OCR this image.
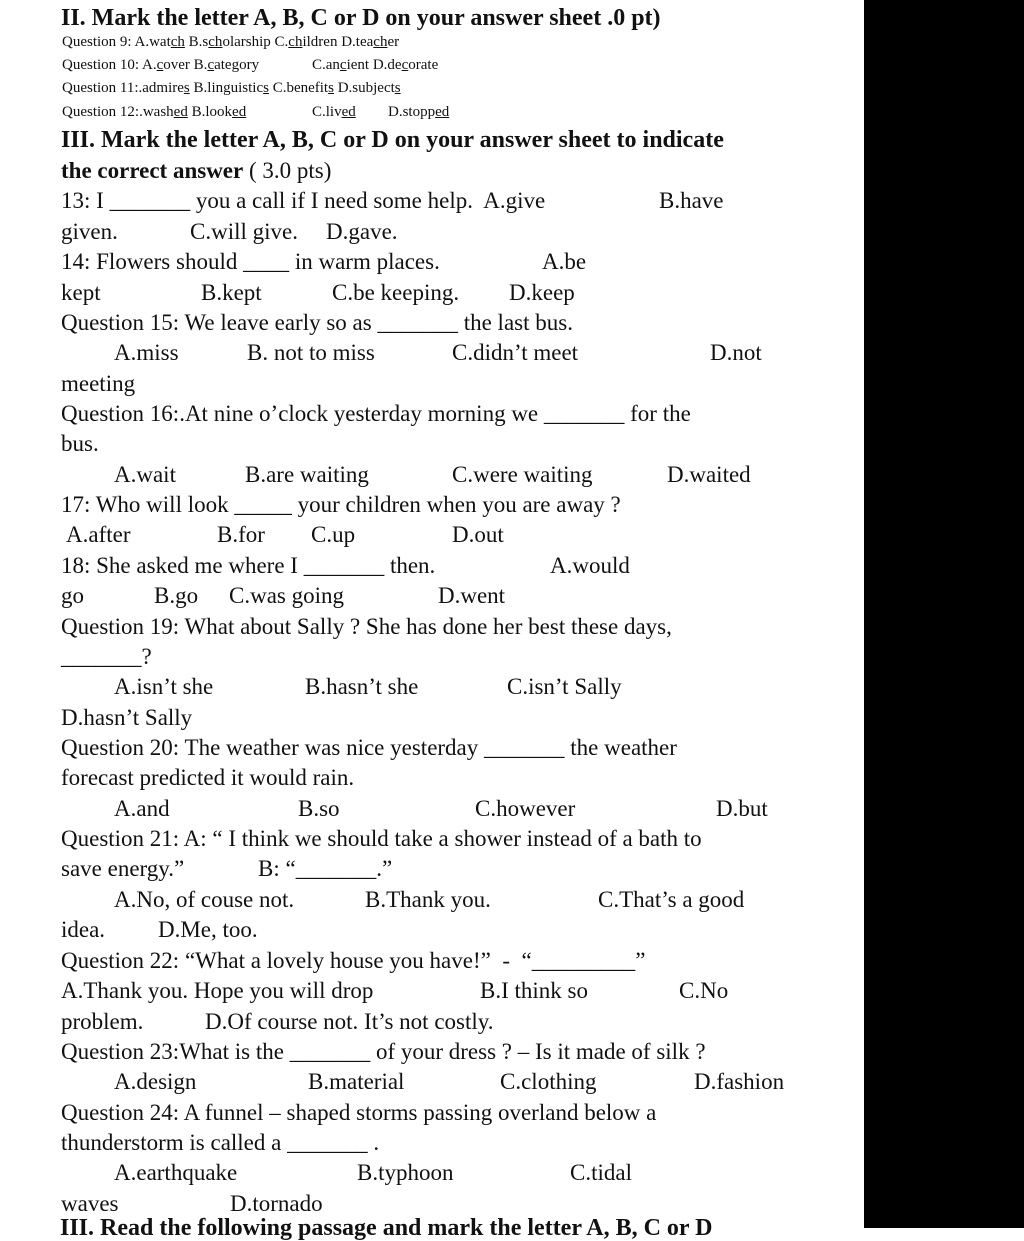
II. Mark the letter A, B, C or D on your answer sheet .0 pt)
Question 9: A.watch B.scholarship C.children D.teacher
Question 10: A.cover B.category	C.ancient D.decorate
Question 11:.admires B.linguistics C.benefits D.subjects
Question 12:.washed B.looked	C.lived D.stopped
III. Mark the letter A, B, C or D on your answer sheet to indicate
the correct answer ( 3.0 pts)
13: I _______ you a call if I need some help.  A.give	B.have
given.	C.will give. D.gave.
14: Flowers should ____ in warm places.	A.be
kept	B.kept	C.be keeping. D.keep
Question 15: We leave early so as _______ the last bus.
A.miss	B. not to miss	C.didn’t meet	D.not
meeting
Question 16:.At nine o’clock yesterday morning we _______ for the
bus.
A.wait	B.are waiting	C.were waiting	D.waited
17: Who will look _____ your children when you are away ?
A.after	B.for C.up	D.out
18: She asked me where I _______ then.	A.would
go	B.go C.was going	D.went
Question 19: What about Sally ? She has done her best these days,
_______?
A.isn’t she	B.hasn’t she	C.isn’t Sally
D.hasn’t Sally
Question 20: The weather was nice yesterday _______ the weather
forecast predicted it would rain.
A.and	B.so	C.however	D.but
Question 21: A: “ I think we should take a shower instead of a bath to
save energy.”	B: “_______.”
A.No, of couse not.	B.Thank you.	C.That’s a good
idea. D.Me, too.
Question 22: “What a lovely house you have!”  -  “_________”
A.Thank you. Hope you will drop	B.I think so	C.No
problem.	D.Of course not. It’s not costly.
Question 23:What is the _______ of your dress ? – Is it made of silk ?
A.design	B.material	C.clothing	D.fashion
Question 24: A funnel – shaped storms passing overland below a
thunderstorm is called a _______ .
A.earthquake	B.typhoon	C.tidal
waves	D.tornado
III. Read the following passage and mark the letter A, B, C or D
